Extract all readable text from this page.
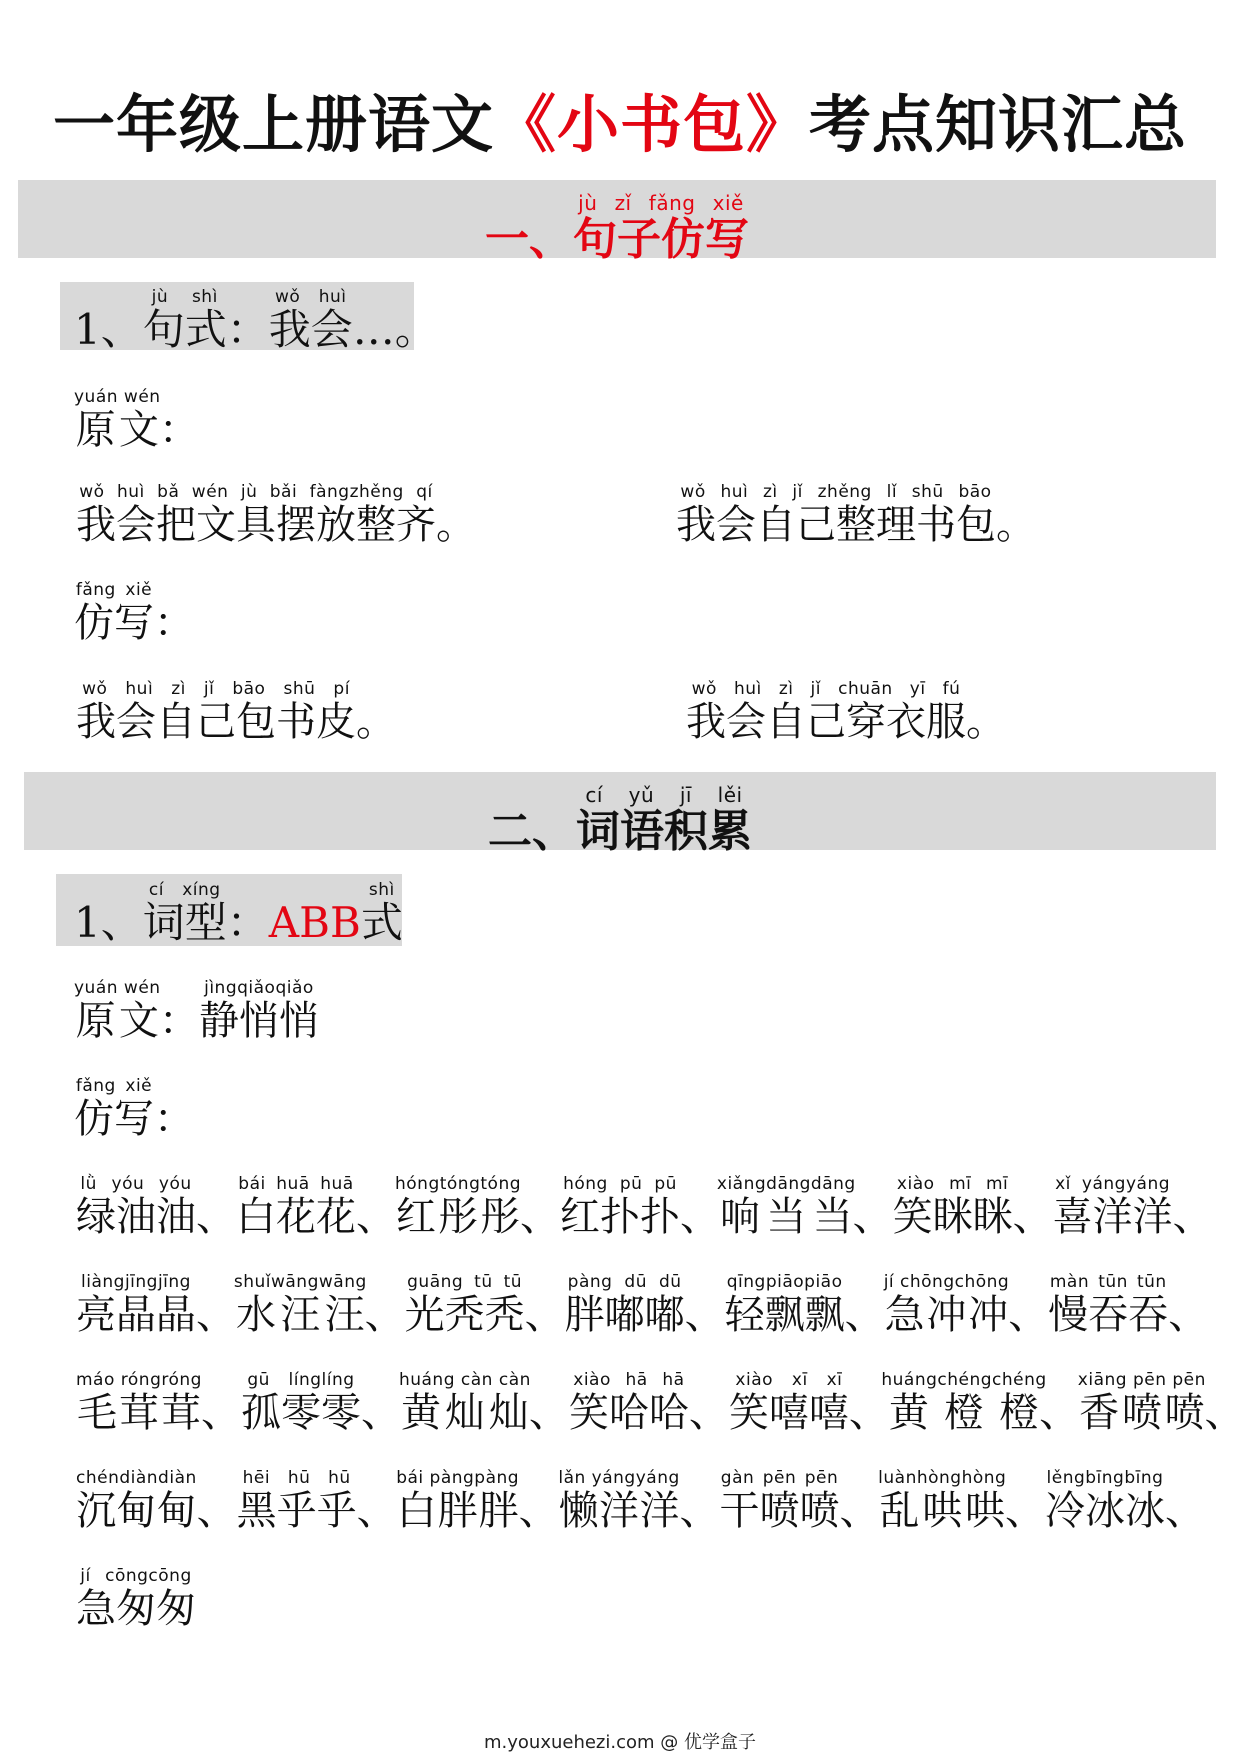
一年级上册语文《小书包》考点知识汇总
一、句子仿写jù zǐ fǎng xiě
1、句式jù shì：我会wǒ huì…。
原文yuán wén：
我会把文具摆放整齐wǒ huì bǎ wén jù bǎi fàngzhěng qí。	我会自己整理书包wǒ huì zì jǐ zhěng lǐ shū bāo。
仿写fǎng xiě：
我会自己包书皮wǒ huì zì jǐ bāo shū pí。	我会自己穿衣服wǒ huì zì jǐ chuān yī fú。
二、词语积累cí yǔ jī lěi
1、词型cí xíng：ABB式shì
原文yuán wén：静悄悄jìngqiǎoqiǎo
仿写fǎng xiě：
绿油油lǜ yóu yóu、白花花bái huā huā、红彤彤hóngtóngtóng、红扑扑hóng pū pū、响当当xiǎngdāngdāng、笑眯眯xiào mī mī、喜洋洋xǐ yángyáng、
亮晶晶liàngjīngjīng、水汪汪shuǐwāngwāng、光秃秃guāng tū tū、胖嘟嘟pàng dū dū、轻飘飘qīngpiāopiāo、急冲冲jí chōngchōng、慢吞吞màn tūn tūn、
毛茸茸máo róngróng、孤零零gū línglíng、黄灿灿huáng càn càn、笑哈哈xiào hā hā、笑嘻嘻xiào xī xī、黄橙橙huángchéngchéng、香喷喷xiāng pēn pēn、
沉甸甸chéndiàndiàn、黑乎乎hēi hū hū、白胖胖bái pàngpàng、懒洋洋lǎn yángyáng、干喷喷gàn pēn pēn、乱哄哄luànhònghòng、冷冰冰lěngbīngbīng、
急匆匆jí cōngcōng
m.youxuehezi.com @ 优学盒子
